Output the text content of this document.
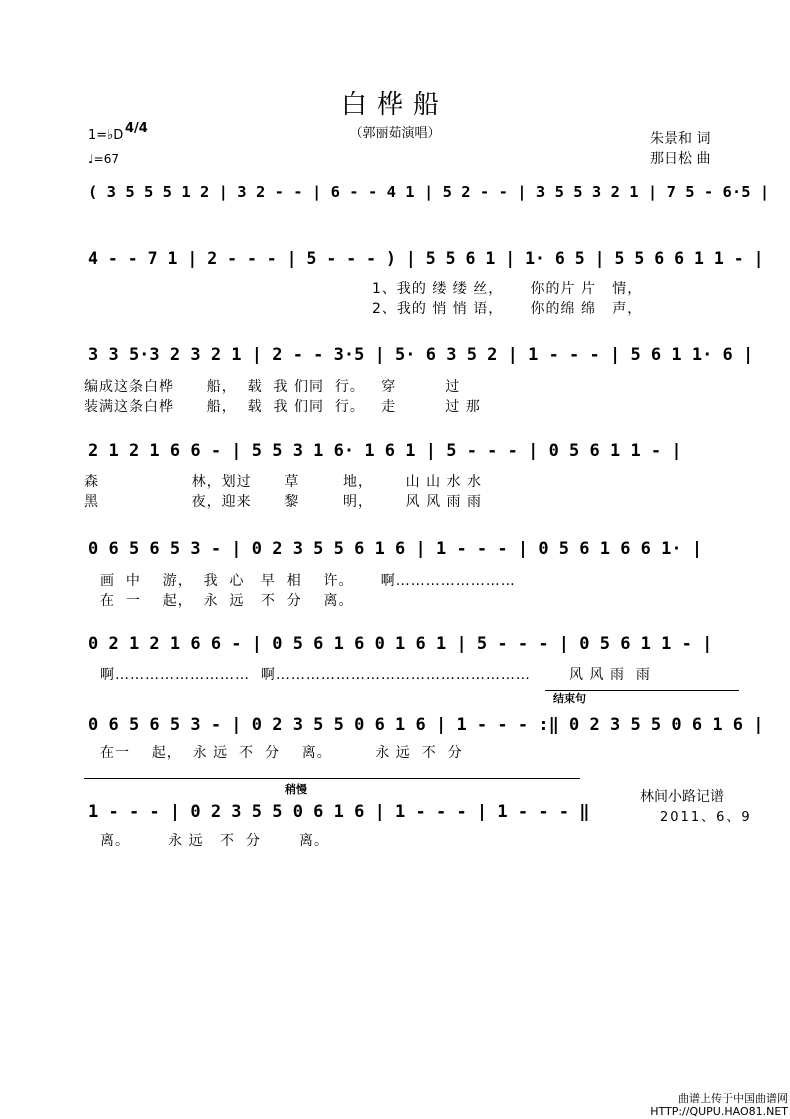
白桦船
（郭丽茹演唱）	朱景和 词
那日松 曲
1=♭D 4/4
♩=67
( 3 5 5 5 1 2 | 3 2 - - | 6 - - 4 1 | 5 2 - - | 3 5 5 3 2 1 | 7 5 - 6·5 |
4 - - 7 1 | 2 - - - | 5 - - - ) | 5 5 6 1 | 1· 6 5 | 5 5 6 6 1 1 - |
1、我的 缕 缕 丝，     你的片 片   情，
2、我的 悄 悄 语，     你的绵 绵   声，
3 3 5·3 2 3 2 1 | 2 - - 3·5 | 5· 6 3 5 2 | 1 - - - | 5 6 1 1· 6 |
编成这条白桦      船，  载  我 们同  行。   穿         过
装满这条白桦      船，  载  我 们同  行。   走         过 那
2 1 2 1 6 6 - | 5 5 3 1 6· 1 6 1 | 5 - - - | 0 5 6 1 1 - |
森                 林，划过      草        地，      山 山 水 水
黑                 夜，迎来      黎        明，      风 风 雨 雨
0 6 5 6 5 3 - | 0 2 3 5 5 6 1 6 | 1 - - - | 0 5 6 1 6 6 1· |
画  中    游，  我  心   早  相    许。     啊……………………
在  一    起，  永  远   不  分    离。
0 2 1 2 1 6 6 - | 0 5 6 1 6 0 1 6 1 | 5 - - - | 0 5 6 1 1 - |
啊………………………  啊……………………………………………       风 风 雨  雨
结束句
0 6 5 6 5 3 - | 0 2 3 5 5 0 6 1 6 | 1 - - - :‖ 0 2 3 5 5 0 6 1 6 |
在一    起，  永 远  不  分    离。        永 远  不  分
稍慢
1 - - - | 0 2 3 5 5 0 6 1 6 | 1 - - - | 1 - - - ‖
离。       永 远   不  分       离。
林间小路记谱
2011、6、9
曲谱上传于中国曲谱网
HTTP://QUPU.HAO81.NET
